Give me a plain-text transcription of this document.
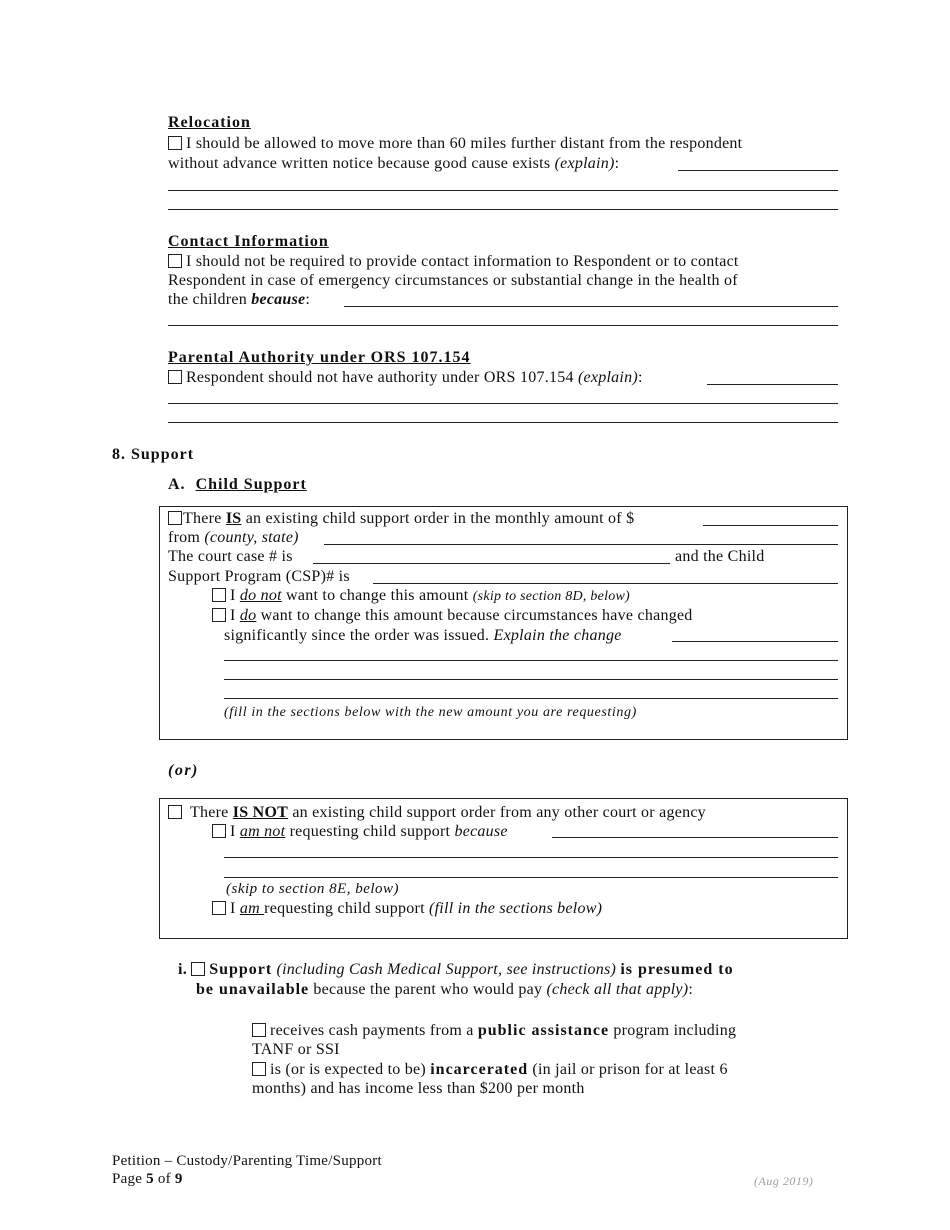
Relocation
I should be allowed to move more than 60 miles further distant from the respondent
without advance written notice because good cause exists (explain):
Contact Information
I should not be required to provide contact information to Respondent or to contact
Respondent in case of emergency circumstances or substantial change in the health of
the children because:
Parental Authority under ORS 107.154
Respondent should not have authority under ORS 107.154 (explain):
8. Support
A. Child Support
There IS an existing child support order in the monthly amount of $
from (county, state)
The court case # is	and the Child
Support Program (CSP)# is
I do not want to change this amount (skip to section 8D, below)
I do want to change this amount because circumstances have changed
significantly since the order was issued. Explain the change
(fill in the sections below with the new amount you are requesting)
(or)
There IS NOT an existing child support order from any other court or agency
I am not requesting child support because
(skip to section 8E, below)
I am requesting child support (fill in the sections below)
i. Support (including Cash Medical Support, see instructions) is presumed to
be unavailable because the parent who would pay (check all that apply):
receives cash payments from a public assistance program including
TANF or SSI
is (or is expected to be) incarcerated (in jail or prison for at least 6
months) and has income less than $200 per month
Petition – Custody/Parenting Time/Support
Page 5 of 9	(Aug 2019)
